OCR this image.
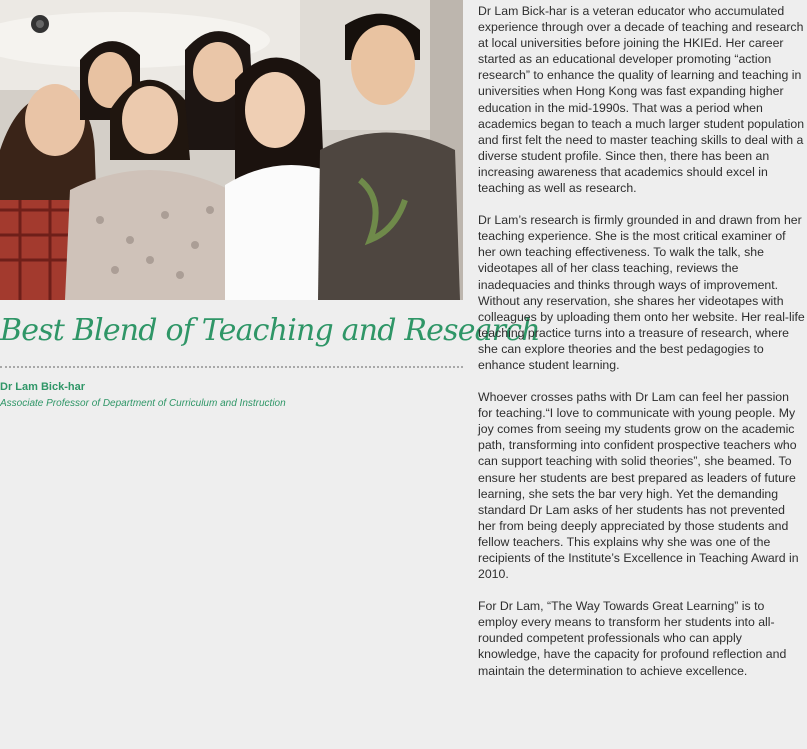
Best Blend of Teaching and Research
Dr Lam Bick-har
Associate Professor of Department of Curriculum and Instruction

Dr Lam Bick-har is a veteran educator who accumulated experience through over a decade of teaching and research at local universities before joining the HKIEd. Her career started as an educational developer promoting “action research” to enhance the quality of learning and teaching in universities when Hong Kong was fast expanding higher education in the mid-1990s. That was a period when academics began to teach a much larger student population and first felt the need to master teaching skills to deal with a diverse student profile. Since then, there has been an increasing awareness that academics should excel in teaching as well as research.

Dr Lam’s research is firmly grounded in and drawn from her teaching experience. She is the most critical examiner of her own teaching effectiveness. To walk the talk, she videotapes all of her class teaching, reviews the inadequacies and thinks through ways of improvement. Without any reservation, she shares her videotapes with colleagues by uploading them onto her website. Her real-life teaching practice turns into a treasure of research, where she can explore theories and the best pedagogies to enhance student learning.

Whoever crosses paths with Dr Lam can feel her passion for teaching.“I love to communicate with young people. My joy comes from seeing my students grow on the academic path, transforming into confident prospective teachers who can support teaching with solid theories”, she beamed. To ensure her students are best prepared as leaders of future learning, she sets the bar very high. Yet the demanding standard Dr Lam asks of her students has not prevented her from being deeply appreciated by those students and fellow teachers. This explains why she was one of the recipients of the Institute’s Excellence in Teaching Award in 2010.

For Dr Lam, “The Way Towards Great Learning” is to employ every means to transform her students into all-rounded competent professionals who can apply knowledge, have the capacity for profound reflection and maintain the determination to achieve excellence.
